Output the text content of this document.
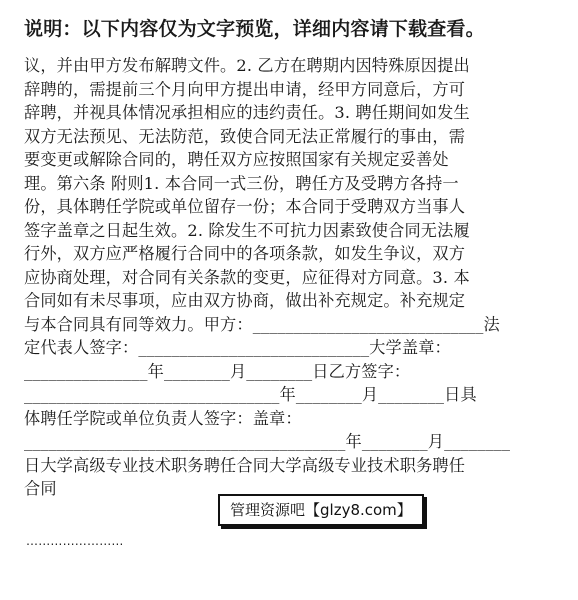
说明：以下内容仅为文字预览，详细内容请下载查看。
议，并由甲方发布解聘文件。2. 乙方在聘期内因特殊原因提出
辞聘的，需提前三个月向甲方提出申请，经甲方同意后，方可
辞聘，并视具体情况承担相应的违约责任。3. 聘任期间如发生
双方无法预见、无法防范，致使合同无法正常履行的事由，需
要变更或解除合同的，聘任双方应按照国家有关规定妥善处
理。第六条 附则1. 本合同一式三份，聘任方及受聘方各持一
份，具体聘任学院或单位留存一份；本合同于受聘双方当事人
签字盖章之日起生效。2. 除发生不可抗力因素致使合同无法履
行外，双方应严格履行合同中的各项条款，如发生争议，双方
应协商处理，对合同有关条款的变更，应征得对方同意。3. 本
合同如有未尽事项，应由双方协商，做出补充规定。补充规定
与本合同具有同等效力。甲方：____________________________法
定代表人签字：____________________________大学盖章：
_______________年________月________日乙方签字：
_______________________________年________月________日具
体聘任学院或单位负责人签字：盖章：
_______________________________________年________月________
日大学高级专业技术职务聘任合同大学高级专业技术职务聘任
合同
……………………
管理资源吧【glzy8.com】
